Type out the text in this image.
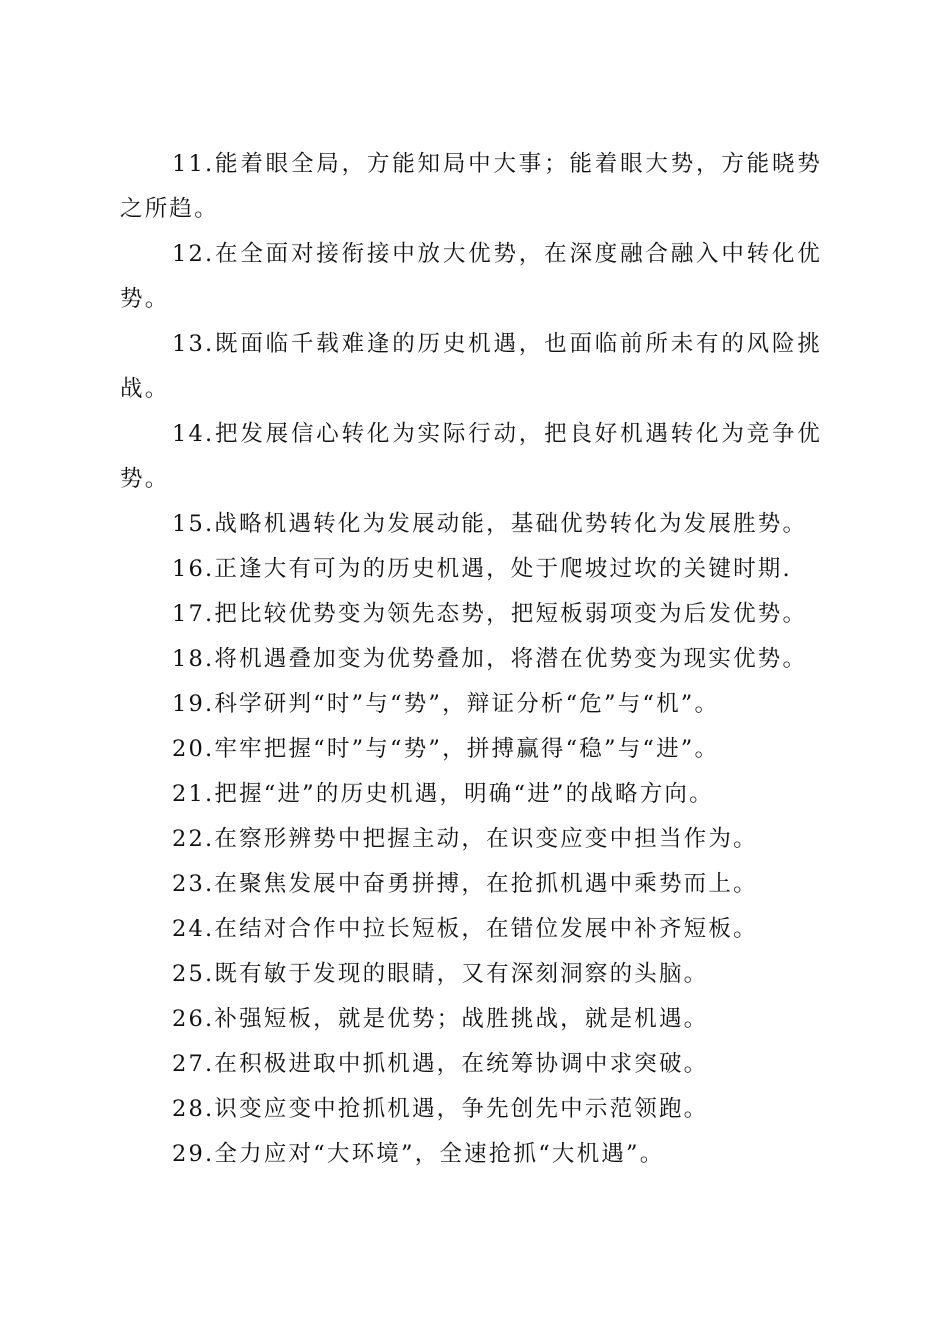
11.能着眼全局，方能知局中大事；能着眼大势，方能晓势之所趋。

12.在全面对接衔接中放大优势，在深度融合融入中转化优势。

13.既面临千载难逢的历史机遇，也面临前所未有的风险挑战。

14.把发展信心转化为实际行动，把良好机遇转化为竞争优势。

15.战略机遇转化为发展动能，基础优势转化为发展胜势。

16.正逢大有可为的历史机遇，处于爬坡过坎的关键时期.

17.把比较优势变为领先态势，把短板弱项变为后发优势。

18.将机遇叠加变为优势叠加，将潜在优势变为现实优势。

19.科学研判“时”与“势”，辩证分析“危”与“机”。

20.牢牢把握“时”与“势”，拼搏赢得“稳”与“进”。

21.把握“进”的历史机遇，明确“进”的战略方向。

22.在察形辨势中把握主动，在识变应变中担当作为。

23.在聚焦发展中奋勇拼搏，在抢抓机遇中乘势而上。

24.在结对合作中拉长短板，在错位发展中补齐短板。

25.既有敏于发现的眼睛，又有深刻洞察的头脑。

26.补强短板，就是优势；战胜挑战，就是机遇。

27.在积极进取中抓机遇，在统筹协调中求突破。

28.识变应变中抢抓机遇，争先创先中示范领跑。

29.全力应对“大环境”，全速抢抓“大机遇”。
